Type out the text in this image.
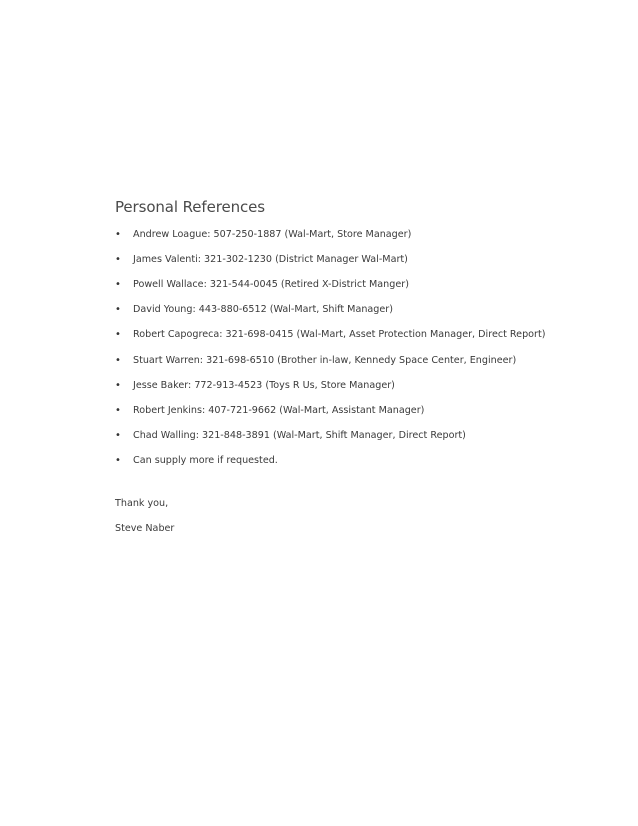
Personal References
•	Andrew Loague: 507-250-1887 (Wal-Mart, Store Manager)
•	James Valenti: 321-302-1230 (District Manager Wal-Mart)
•	Powell Wallace: 321-544-0045 (Retired X-District Manger)
•	David Young: 443-880-6512 (Wal-Mart, Shift Manager)
•	Robert Capogreca: 321-698-0415 (Wal-Mart, Asset Protection Manager, Direct Report)
•	Stuart Warren: 321-698-6510 (Brother in-law, Kennedy Space Center, Engineer)
•	Jesse Baker: 772-913-4523 (Toys R Us, Store Manager)
•	Robert Jenkins: 407-721-9662 (Wal-Mart, Assistant Manager)
•	Chad Walling: 321-848-3891 (Wal-Mart, Shift Manager, Direct Report)
•	Can supply more if requested.

Thank you,

Steve Naber
